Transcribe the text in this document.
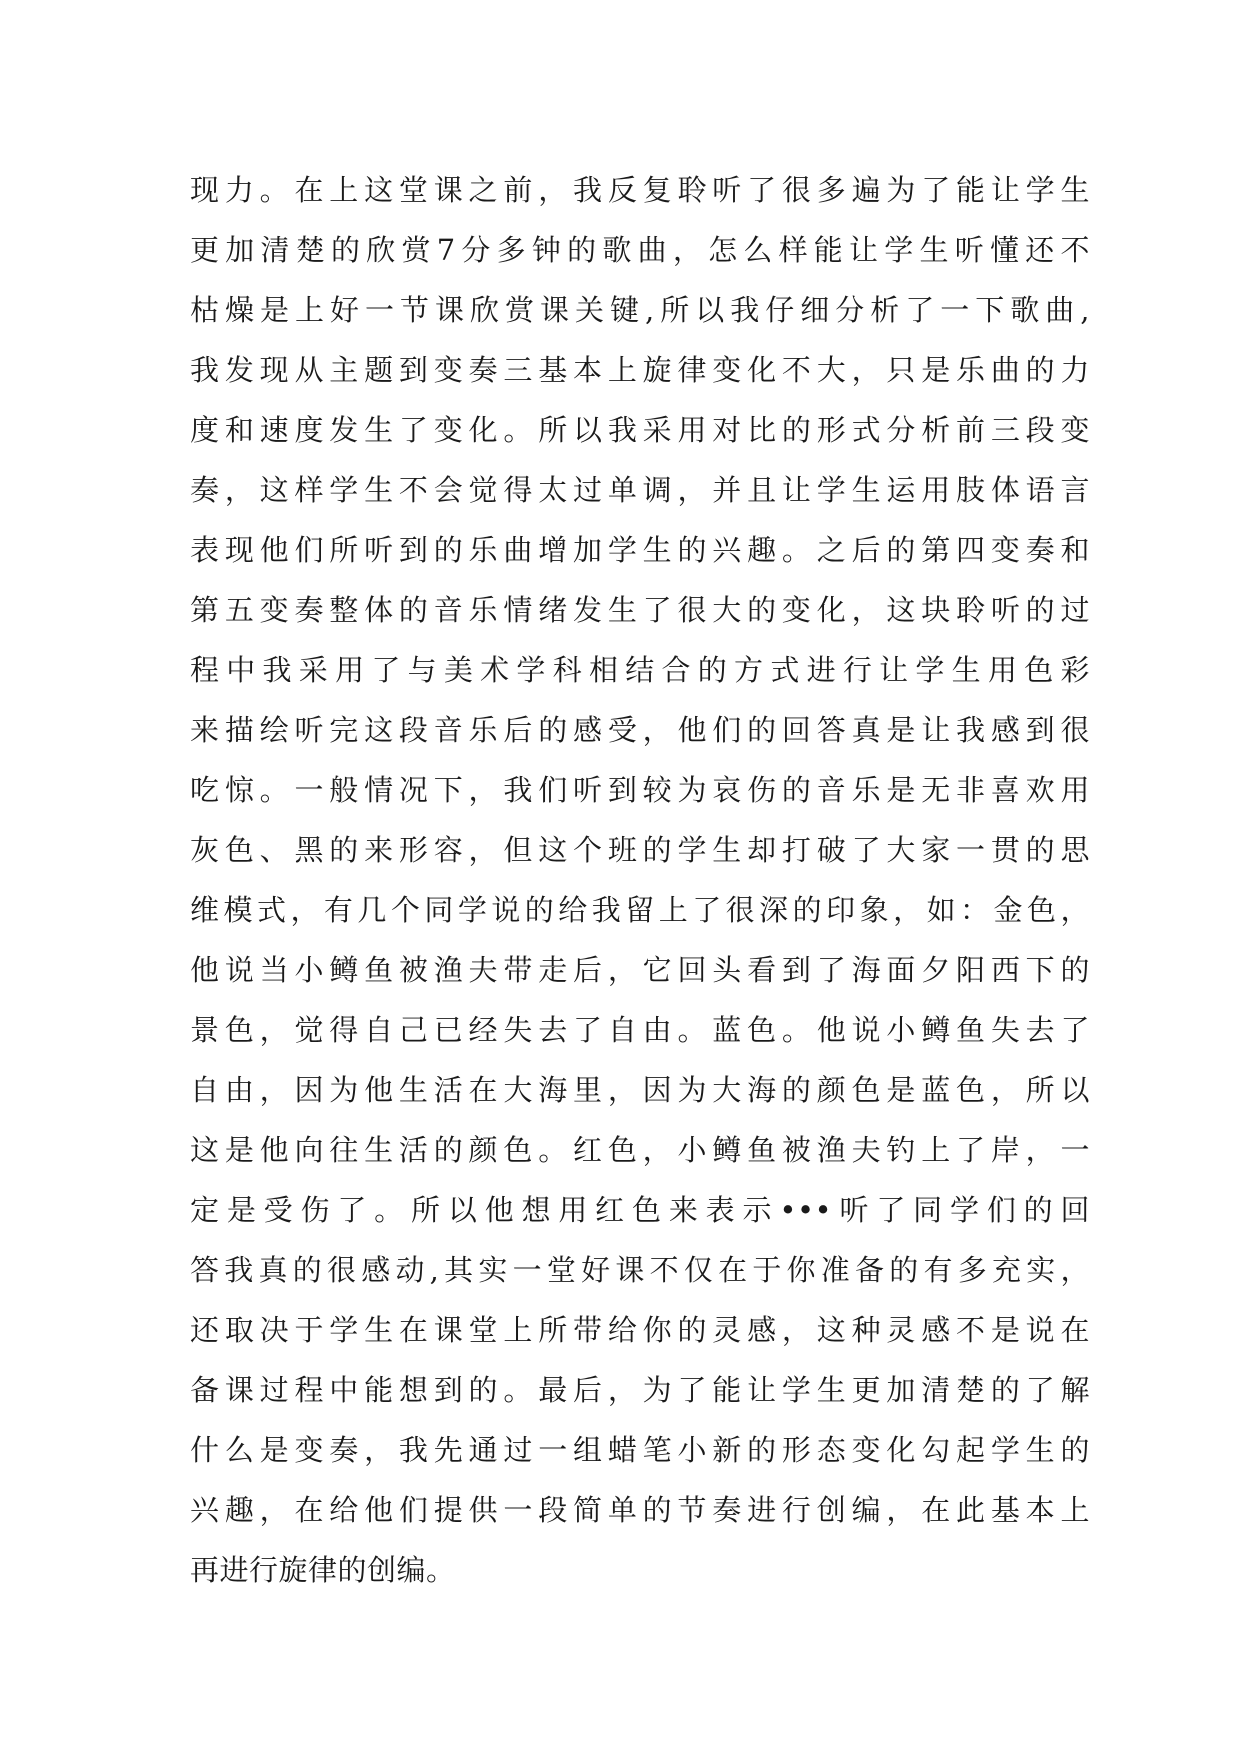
现力。在上这堂课之前，我反复聆听了很多遍为了能让学生
更加清楚的欣赏7分多钟的歌曲，怎么样能让学生听懂还不
枯燥是上好一节课欣赏课关键,所以我仔细分析了一下歌曲,
我发现从主题到变奏三基本上旋律变化不大，只是乐曲的力
度和速度发生了变化。所以我采用对比的形式分析前三段变
奏，这样学生不会觉得太过单调，并且让学生运用肢体语言
表现他们所听到的乐曲增加学生的兴趣。之后的第四变奏和
第五变奏整体的音乐情绪发生了很大的变化，这块聆听的过
程中我采用了与美术学科相结合的方式进行让学生用色彩
来描绘听完这段音乐后的感受，他们的回答真是让我感到很
吃惊。一般情况下，我们听到较为哀伤的音乐是无非喜欢用
灰色、黑的来形容，但这个班的学生却打破了大家一贯的思
维模式，有几个同学说的给我留上了很深的印象，如：金色，
他说当小鳟鱼被渔夫带走后，它回头看到了海面夕阳西下的
景色，觉得自己已经失去了自由。蓝色。他说小鳟鱼失去了
自由，因为他生活在大海里，因为大海的颜色是蓝色，所以
这是他向往生活的颜色。红色，小鳟鱼被渔夫钓上了岸，一
定是受伤了。所以他想用红色来表示•••听了同学们的回
答我真的很感动,其实一堂好课不仅在于你准备的有多充实，
还取决于学生在课堂上所带给你的灵感，这种灵感不是说在
备课过程中能想到的。最后，为了能让学生更加清楚的了解
什么是变奏，我先通过一组蜡笔小新的形态变化勾起学生的
兴趣，在给他们提供一段简单的节奏进行创编，在此基本上
再进行旋律的创编。
